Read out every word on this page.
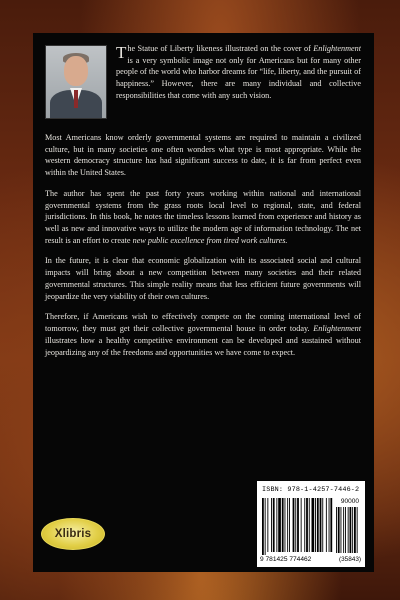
The Statue of Liberty likeness illustrated on the cover of Enlightenment is a very symbolic image not only for Americans but for many other people of the world who harbor dreams for “life, liberty, and the pursuit of happiness.” However, there are many individual and collective responsibilities that come with any such vision.

Most Americans know orderly governmental systems are required to maintain a civilized culture, but in many societies one often wonders what type is most appropriate. While the western democracy structure has had significant success to date, it is far from perfect even within the United States.

The author has spent the past forty years working within national and international governmental systems from the grass roots local level to regional, state, and federal jurisdictions. In this book, he notes the timeless lessons learned from experience and history as well as new and innovative ways to utilize the modern age of information technology. The net result is an effort to create new public excellence from tired work cultures.

In the future, it is clear that economic globalization with its associated social and cultural impacts will bring about a new competition between many societies and their related governmental structures. This simple reality means that less efficient future governments will jeopardize the very viability of their own cultures.

Therefore, if Americans wish to effectively compete on the coming international level of tomorrow, they must get their collective governmental house in order today. Enlightenment illustrates how a healthy competitive environment can be developed and sustained without jeopardizing any of the freedoms and opportunities we have come to expect.

Xlibris
ISBN: 978-1-4257-7446-2
90000
9 781425 774462	(35843)
